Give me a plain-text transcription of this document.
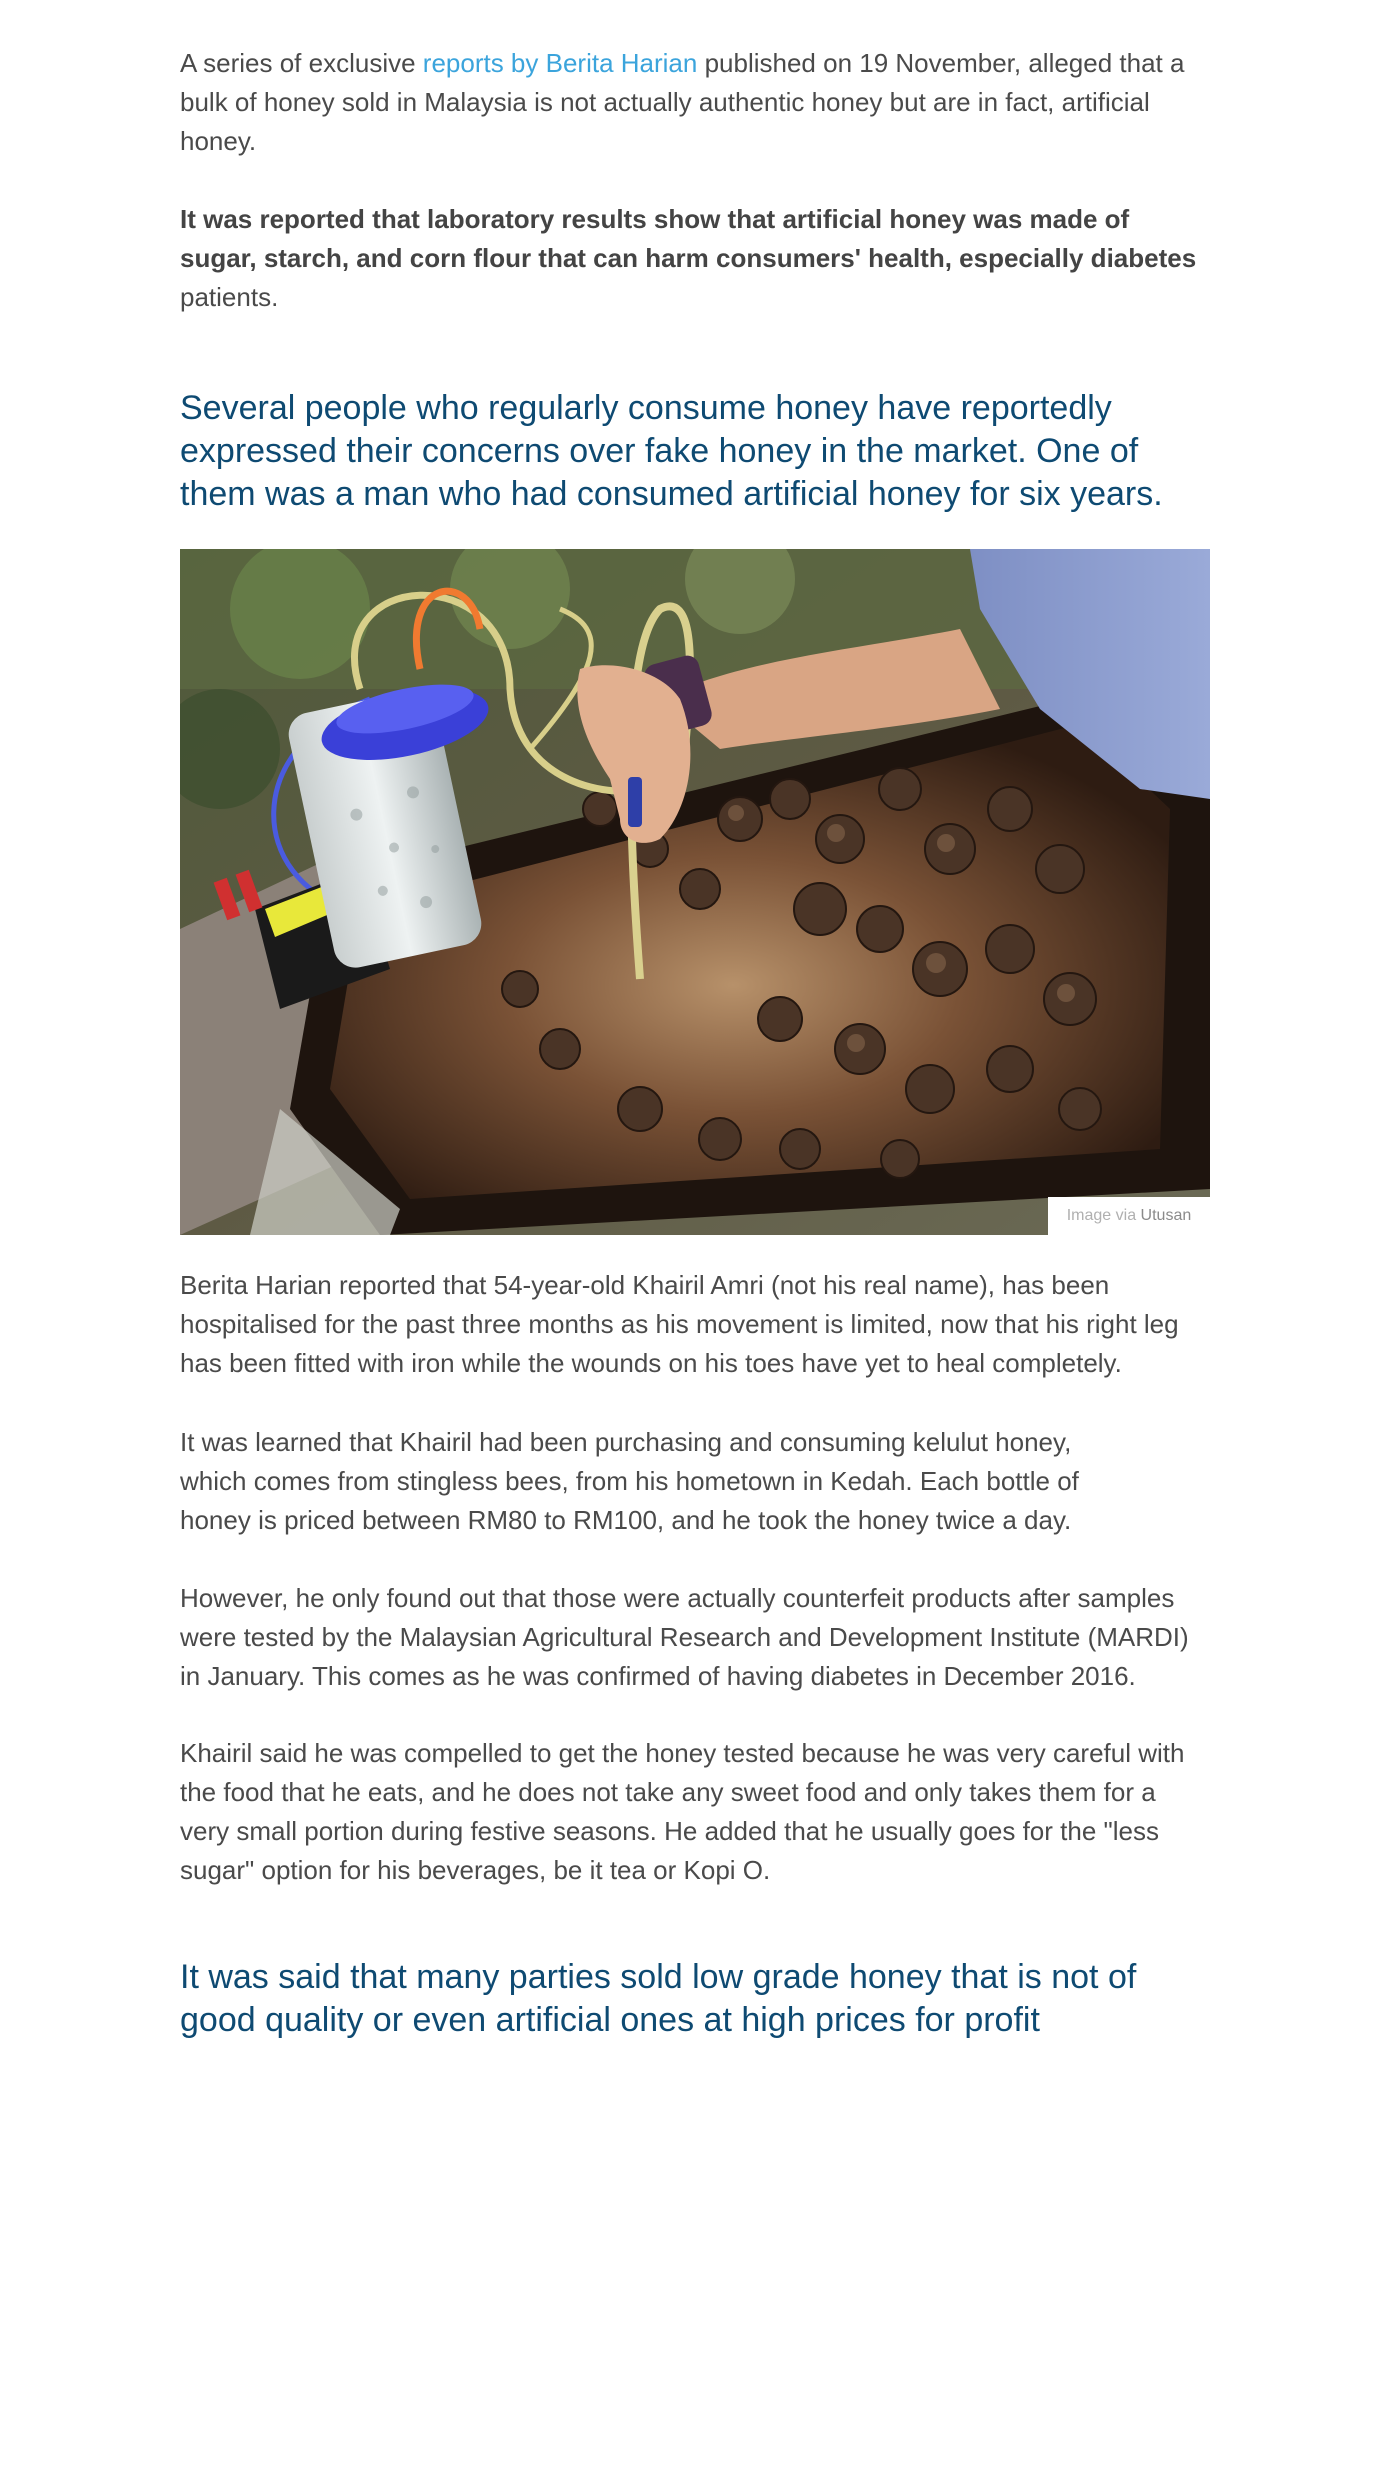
A series of exclusive reports by Berita Harian published on 19 November, alleged that a bulk of honey sold in Malaysia is not actually authentic honey but are in fact, artificial honey.

It was reported that laboratory results show that artificial honey was made of sugar, starch, and corn flour that can harm consumers' health, especially diabetes patients.

Several people who regularly consume honey have reportedly expressed their concerns over fake honey in the market. One of them was a man who had consumed artificial honey for six years.
Image via Utusan

Berita Harian reported that 54-year-old Khairil Amri (not his real name), has been hospitalised for the past three months as his movement is limited, now that his right leg has been fitted with iron while the wounds on his toes have yet to heal completely.

It was learned that Khairil had been purchasing and consuming kelulut honey, which comes from stingless bees, from his hometown in Kedah. Each bottle of honey is priced between RM80 to RM100, and he took the honey twice a day.

However, he only found out that those were actually counterfeit products after samples were tested by the Malaysian Agricultural Research and Development Institute (MARDI) in January. This comes as he was confirmed of having diabetes in December 2016.

Khairil said he was compelled to get the honey tested because he was very careful with the food that he eats, and he does not take any sweet food and only takes them for a very small portion during festive seasons. He added that he usually goes for the "less sugar" option for his beverages, be it tea or Kopi O.

It was said that many parties sold low grade honey that is not of good quality or even artificial ones at high prices for profit
